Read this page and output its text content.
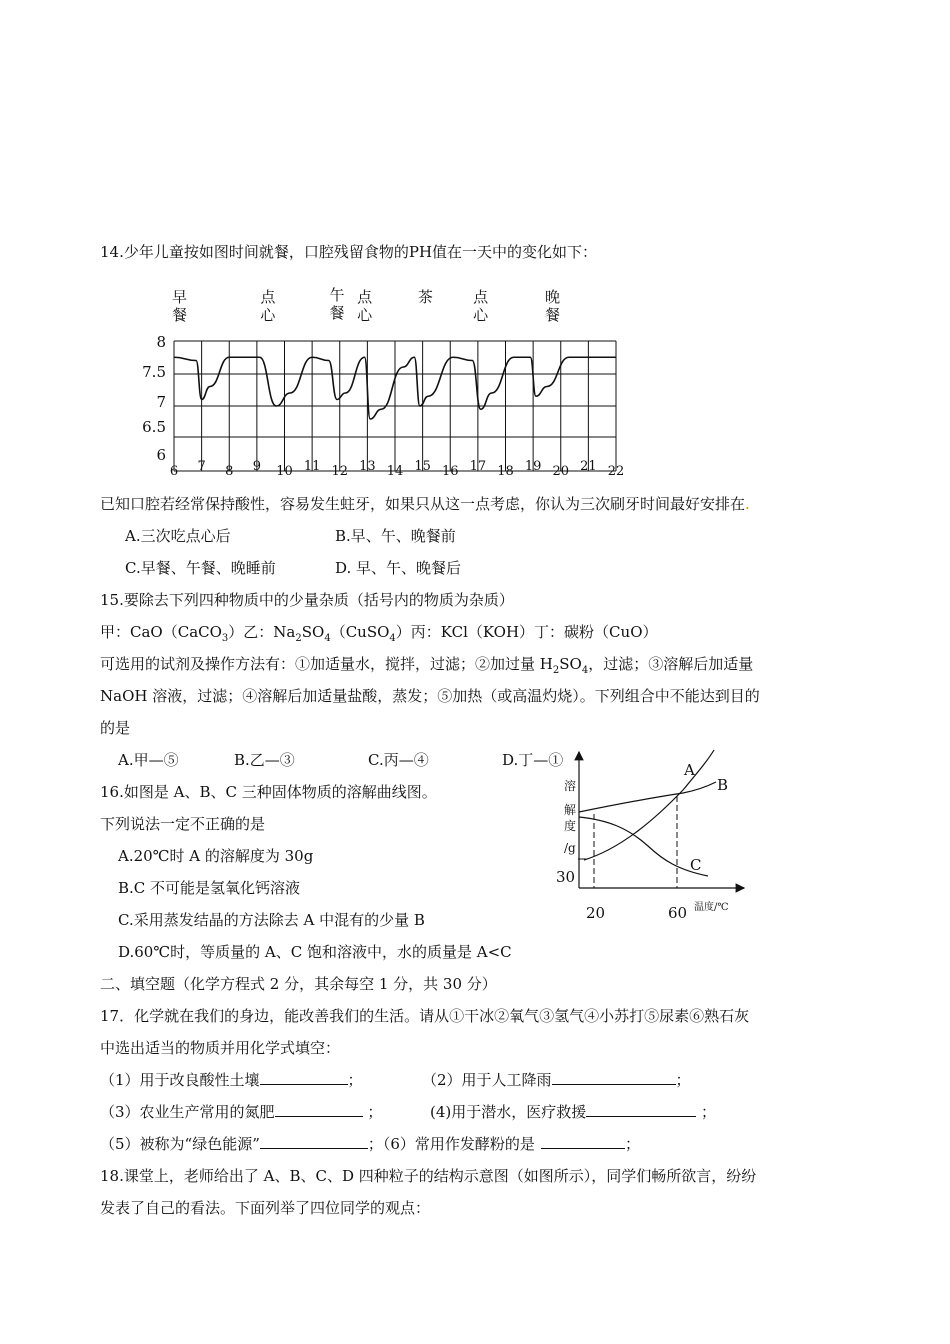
14.少年儿童按如图时间就餐，口腔残留食物的PH值在一天中的变化如下：
早
餐
点
心
午
餐
点
心
茶	点
心
晚
餐
8
7.5
7
6.5
6
6 7 8 9 10 11 12 13 14 15 16 17 18 19 20 21 22
已知口腔若经常保持酸性，容易发生蛀牙，如果只从这一点考虑，你认为三次刷牙时间最好安排在.
A.三次吃点心后	B.早、午、晚餐前
C.早餐、午餐、晚睡前	D. 早、午、晚餐后
15.要除去下列四种物质中的少量杂质（括号内的物质为杂质）
甲：CaO（CaCO$_3$）乙：$Na_2SO_4(CuSO_4)$丙：KCl（KOH）丁：碳粉（CuO）
可选用的试剂及操作方法有：①加适量水，搅拌，过滤；②加过量 $H_2SO_4$，过滤；③溶解后加适量
NaOH 溶液，过滤；④溶解后加适量盐酸，蒸发；⑤加热（或高温灼烧）。下列组合中不能达到目的
的是
A.甲—⑤	B.乙—③	C.丙—④	D.丁—①
16.如图是 A、B、C 三种固体物质的溶解曲线图。
下列说法一定不正确的是
A.20℃时 A 的溶解度为 30g
B.C 不可能是氢氧化钙溶液
C.采用蒸发结晶的方法除去 A 中混有的少量 B
D.60℃时，等质量的 A、C 饱和溶液中，水的质量是 A<C
溶
解
度
/g
30
20	60 温度/℃
A
B
C
二、填空题（化学方程式 2 分，其余每空 1 分，共 30 分）
17．化学就在我们的身边，能改善我们的生活。请从①干冰②氧气③氢气④小苏打⑤尿素⑥熟石灰
中选出适当的物质并用化学式填空：
（1）用于改良酸性土壤	；	（2）用于人工降雨	；
（3）农业生产常用的氮肥	；	(4)用于潜水，医疗救援	；
（5）被称为“绿色能源”	；（6）常用作发酵粉的是	；
18.课堂上，老师给出了 A、B、C、D 四种粒子的结构示意图（如图所示），同学们畅所欲言，纷纷
发表了自己的看法。下面列举了四位同学的观点：
